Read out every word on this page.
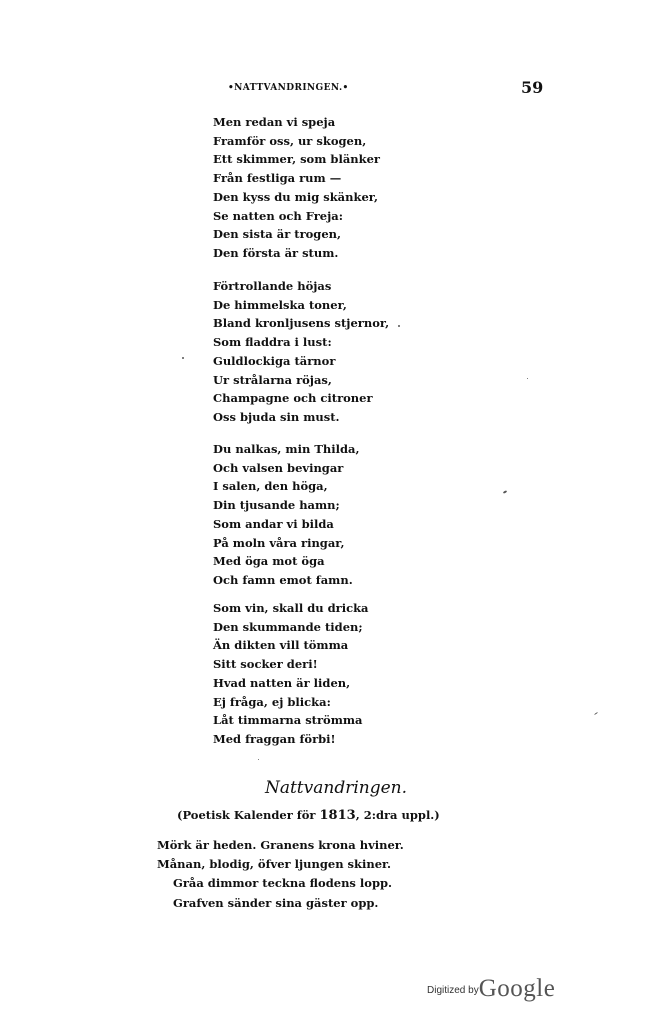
•NATTVANDRINGEN.•	59
Men redan vi speja
Framför oss, ur skogen,
Ett skimmer, som blänker
Från festliga rum —
Den kyss du mig skänker,
Se natten och Freja:
Den sista är trogen,
Den första är stum.
Förtrollande höjas
De himmelska toner,
Bland kronljusens stjernor,
Som fladdra i lust:
Guldlockiga tärnor
Ur strålarna röjas,
Champagne och citroner
Oss bjuda sin must.
Du nalkas, min Thilda,
Och valsen bevingar
I salen, den höga,
Din tjusande hamn;
Som andar vi bilda
På moln våra ringar,
Med öga mot öga
Och famn emot famn.
Som vin, skall du dricka
Den skummande tiden;
Än dikten vill tömma
Sitt socker deri!
Hvad natten är liden,
Ej fråga, ej blicka:
Låt timmarna strömma
Med fraggan förbi!
Nattvandringen.
(Poetisk Kalender för 1813, 2:dra uppl.)
Mörk är heden. Granens krona hviner.
Månan, blodig, öfver ljungen skiner.
Gråa dimmor teckna flodens lopp.
Grafven sänder sina gäster opp.
Digitized byGoogle
